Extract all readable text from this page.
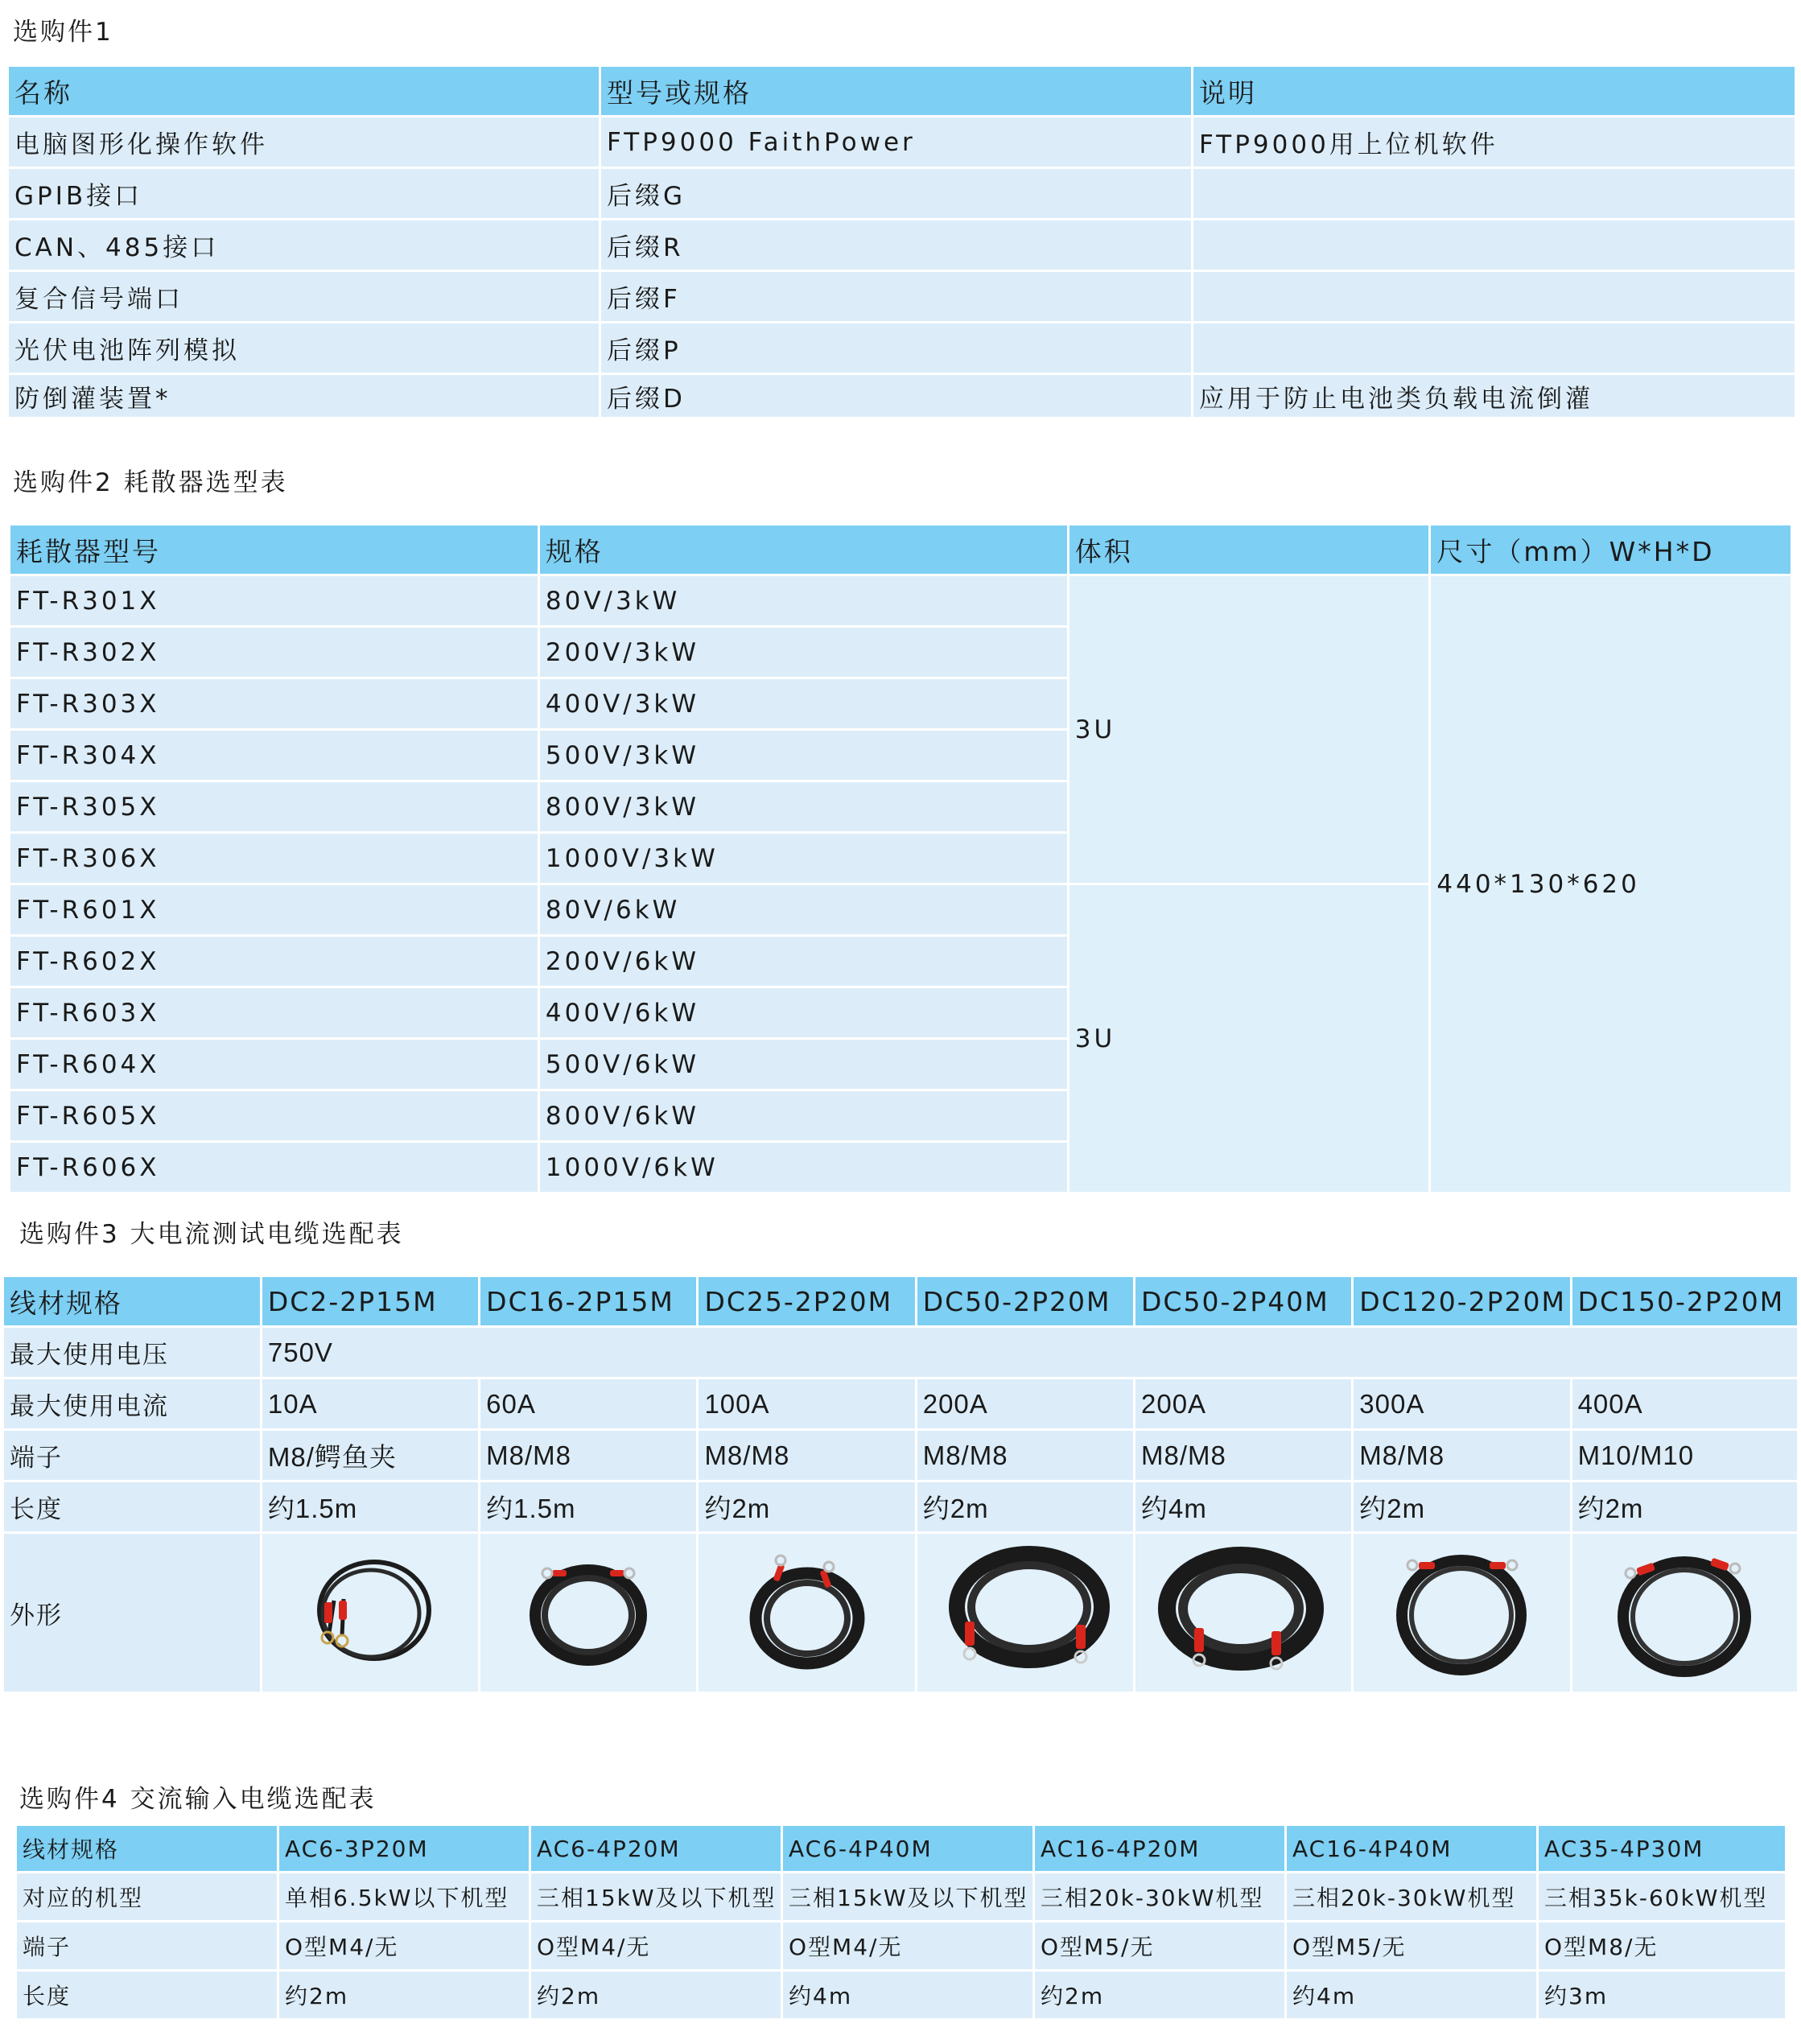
选购件1
名称	型号或规格	说明
电脑图形化操作软件	FTP9000 FaithPower	FTP9000用上位机软件
GPIB接口	后缀G	
CAN、485接口	后缀R	
复合信号端口	后缀F	
光伏电池阵列模拟	后缀P	
防倒灌装置*	后缀D	应用于防止电池类负载电流倒灌
选购件2 耗散器选型表
耗散器型号	规格	体积	尺寸（mm）W*H*D
FT-R301X	80V/3kW	3U	440*130*620
FT-R302X	200V/3kW		
FT-R303X	400V/3kW		
FT-R304X	500V/3kW		
FT-R305X	800V/3kW		
FT-R306X	1000V/3kW		
FT-R601X	80V/6kW	3U	
FT-R602X	200V/6kW		
FT-R603X	400V/6kW		
FT-R604X	500V/6kW		
FT-R605X	800V/6kW		
FT-R606X	1000V/6kW		
选购件3 大电流测试电缆选配表
线材规格	DC2-2P15M	DC16-2P15M	DC25-2P20M	DC50-2P20M	DC50-2P40M	DC120-2P20M	DC150-2P20M
最大使用电压	750V						
最大使用电流	10A	60A	100A	200A	200A	300A	400A
端子	M8/鳄鱼夹	M8/M8	M8/M8	M8/M8	M8/M8	M8/M8	M10/M10
长度	约1.5m	约1.5m	约2m	约2m	约4m	约2m	约2m
外形	

选购件4 交流输入电缆选配表
线材规格	AC6-3P20M	AC6-4P20M	AC6-4P40M	AC16-4P20M	AC16-4P40M	AC35-4P30M
对应的机型	单相6.5kW以下机型	三相15kW及以下机型	三相15kW及以下机型	三相20k-30kW机型	三相20k-30kW机型	三相35k-60kW机型
端子	O型M4/无	O型M4/无	O型M4/无	O型M5/无	O型M5/无	O型M8/无
长度	约2m	约2m	约4m	约2m	约4m	约3m
